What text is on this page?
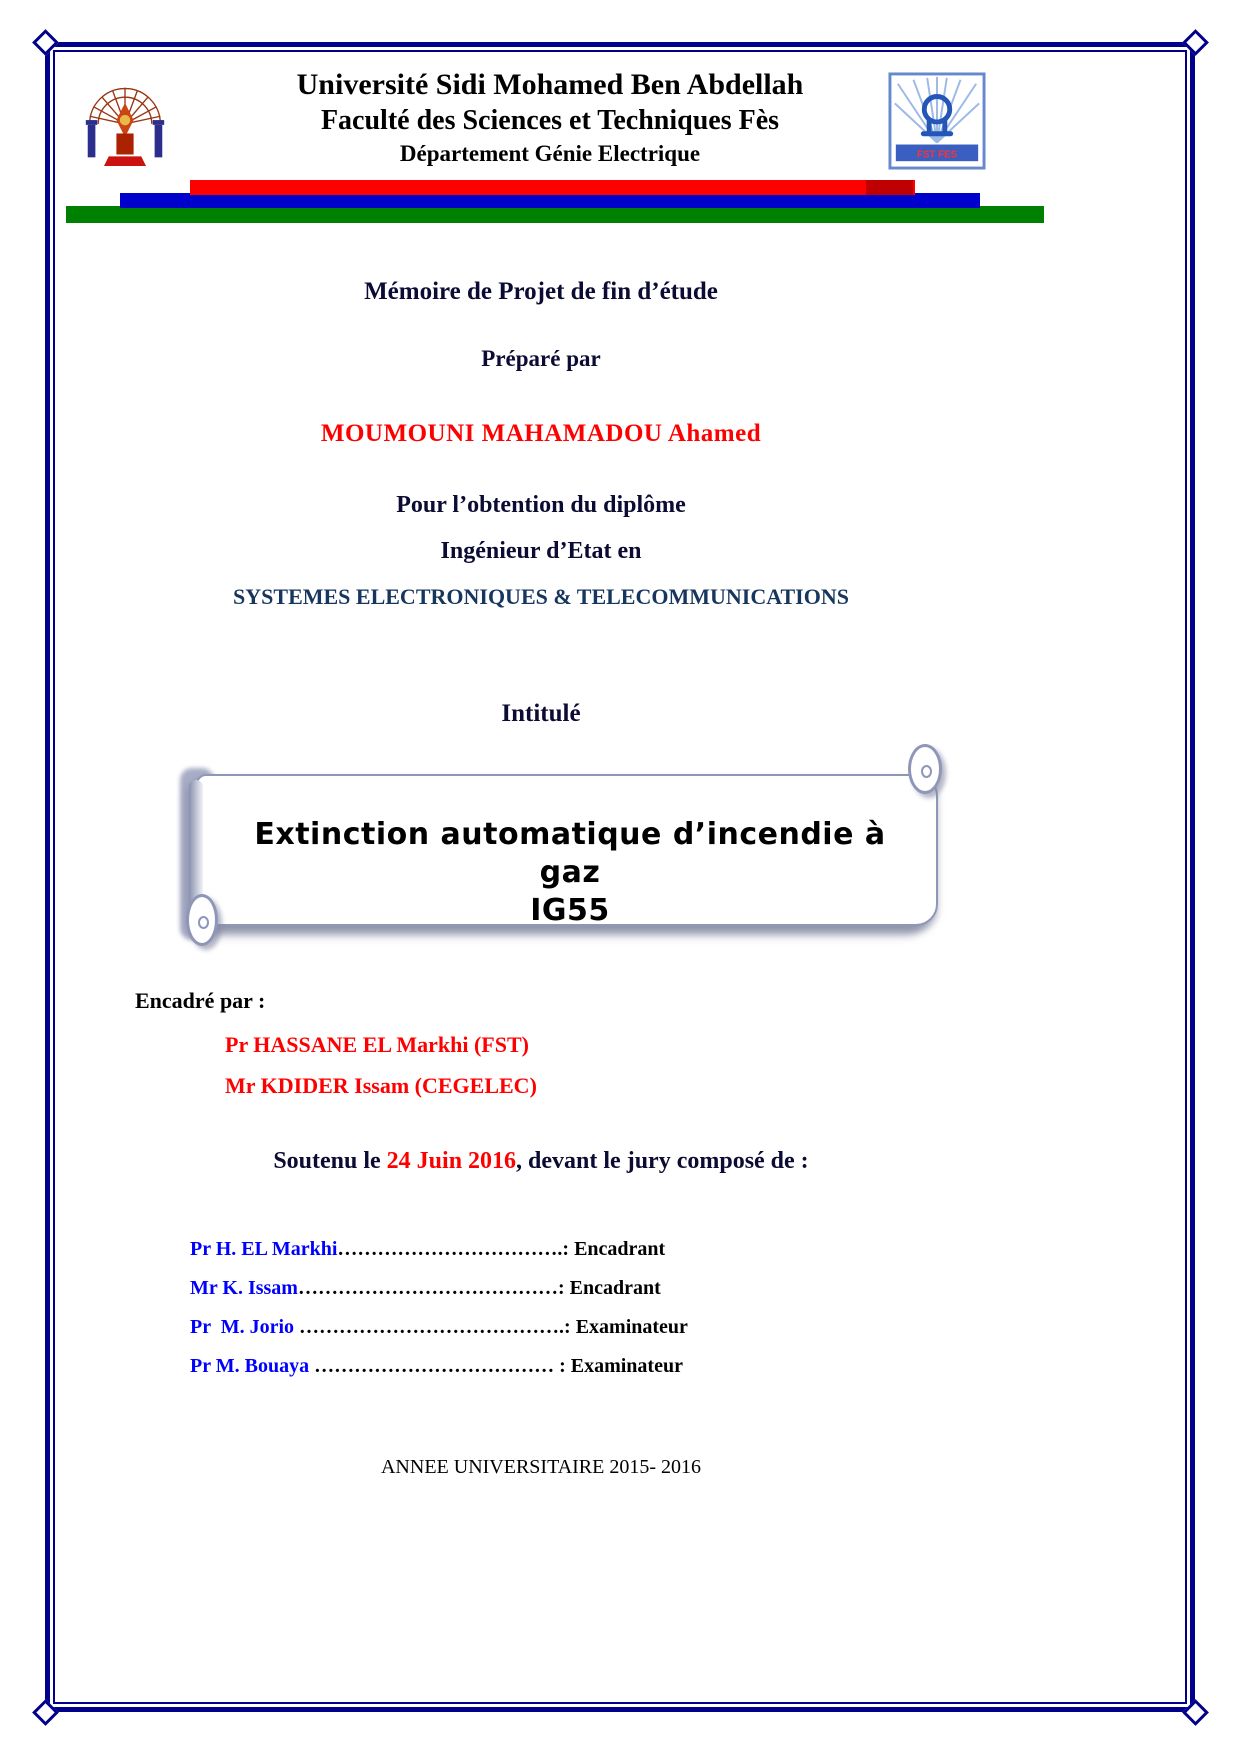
Université Sidi Mohamed Ben Abdellah
Faculté des Sciences et Techniques Fès
Département Génie Electrique	FST FES
Mémoire de Projet de fin d’étude
Préparé par
MOUMOUNI MAHAMADOU Ahamed
Pour l’obtention du diplôme
Ingénieur d’Etat en
SYSTEMES ELECTRONIQUES & TELECOMMUNICATIONS
Intitulé
Extinction automatique d’incendie à gaz
IG55
Encadré par :
Pr HASSANE EL Markhi (FST)
Mr KDIDER Issam (CEGELEC)
Soutenu le 24 Juin 2016, devant le jury composé de :
Pr H. EL Markhi…………………………….: Encadrant
Mr K. Issam…………………………………: Encadrant
Pr  M. Jorio ………………………………….: Examinateur
Pr M. Bouaya ……………………………… : Examinateur
ANNEE UNIVERSITAIRE 2015- 2016
